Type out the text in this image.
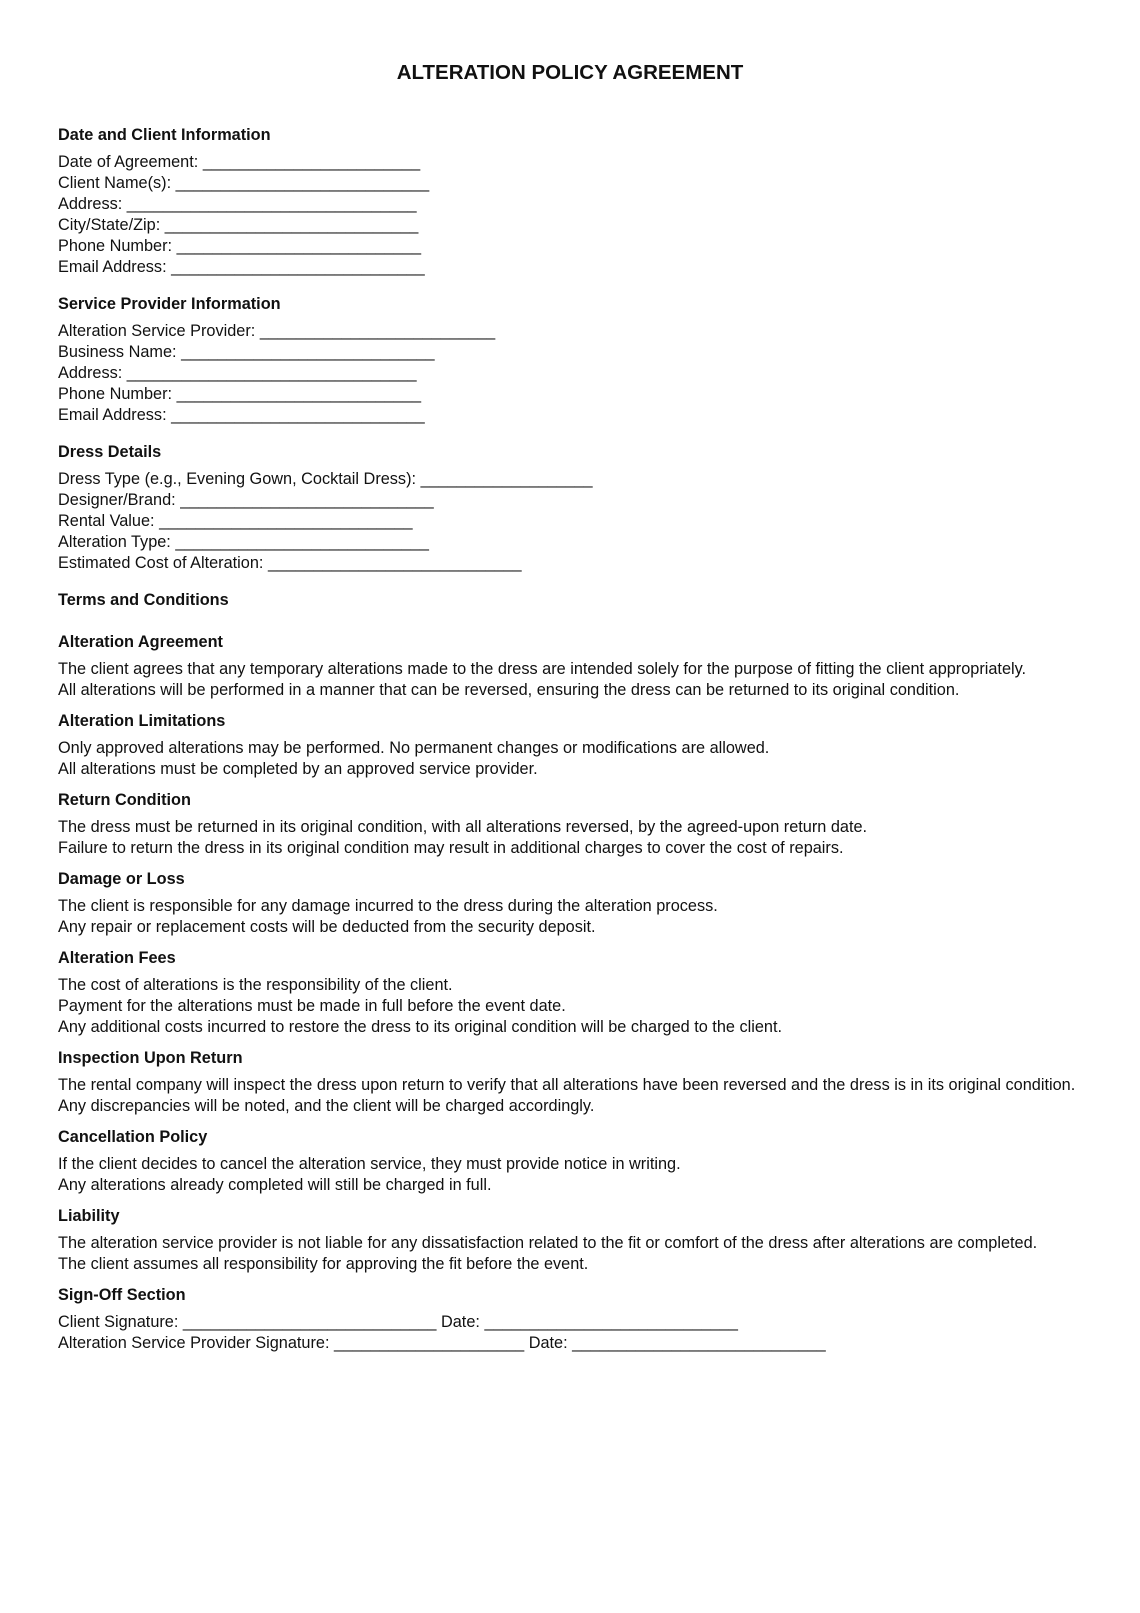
ALTERATION POLICY AGREEMENT
Date and Client Information
Date of Agreement: ________________________
Client Name(s): ____________________________
Address: ________________________________
City/State/Zip: ____________________________
Phone Number: ___________________________
Email Address: ____________________________
Service Provider Information
Alteration Service Provider: __________________________
Business Name: ____________________________
Address: ________________________________
Phone Number: ___________________________
Email Address: ____________________________
Dress Details
Dress Type (e.g., Evening Gown, Cocktail Dress): ___________________
Designer/Brand: ____________________________
Rental Value: ____________________________
Alteration Type: ____________________________
Estimated Cost of Alteration: ____________________________
Terms and Conditions
Alteration Agreement
The client agrees that any temporary alterations made to the dress are intended solely for the purpose of fitting the client appropriately.
All alterations will be performed in a manner that can be reversed, ensuring the dress can be returned to its original condition.
Alteration Limitations
Only approved alterations may be performed. No permanent changes or modifications are allowed.
All alterations must be completed by an approved service provider.
Return Condition
The dress must be returned in its original condition, with all alterations reversed, by the agreed-upon return date.
Failure to return the dress in its original condition may result in additional charges to cover the cost of repairs.
Damage or Loss
The client is responsible for any damage incurred to the dress during the alteration process.
Any repair or replacement costs will be deducted from the security deposit.
Alteration Fees
The cost of alterations is the responsibility of the client.
Payment for the alterations must be made in full before the event date.
Any additional costs incurred to restore the dress to its original condition will be charged to the client.
Inspection Upon Return
The rental company will inspect the dress upon return to verify that all alterations have been reversed and the dress is in its original condition.
Any discrepancies will be noted, and the client will be charged accordingly.
Cancellation Policy
If the client decides to cancel the alteration service, they must provide notice in writing.
Any alterations already completed will still be charged in full.
Liability
The alteration service provider is not liable for any dissatisfaction related to the fit or comfort of the dress after alterations are completed.
The client assumes all responsibility for approving the fit before the event.
Sign-Off Section
Client Signature: ____________________________ Date: ____________________________
Alteration Service Provider Signature: _____________________ Date: ____________________________
